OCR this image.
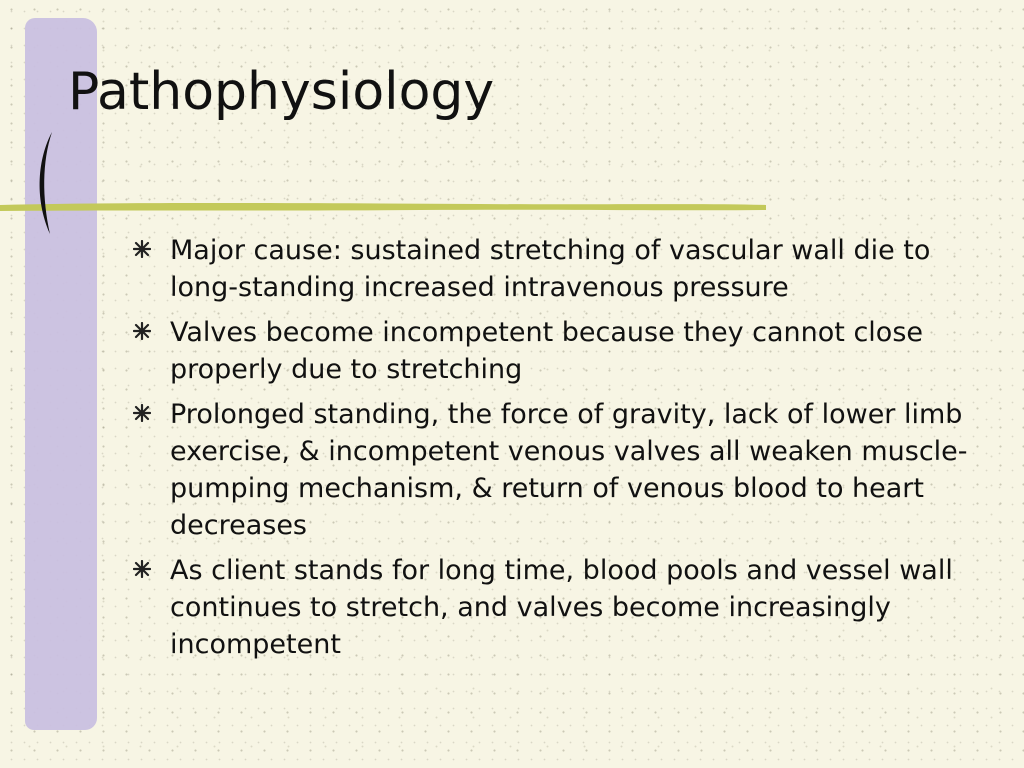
Pathophysiology
Major cause: sustained stretching of vascular wall die to long-standing increased intravenous pressure
Valves become incompetent because they cannot close properly due to stretching
Prolonged standing, the force of gravity, lack of lower limb exercise, & incompetent venous valves all weaken muscle-pumping mechanism, & return of venous blood to heart decreases
As client stands for long time, blood pools and vessel wall continues to stretch, and valves become increasingly incompetent
